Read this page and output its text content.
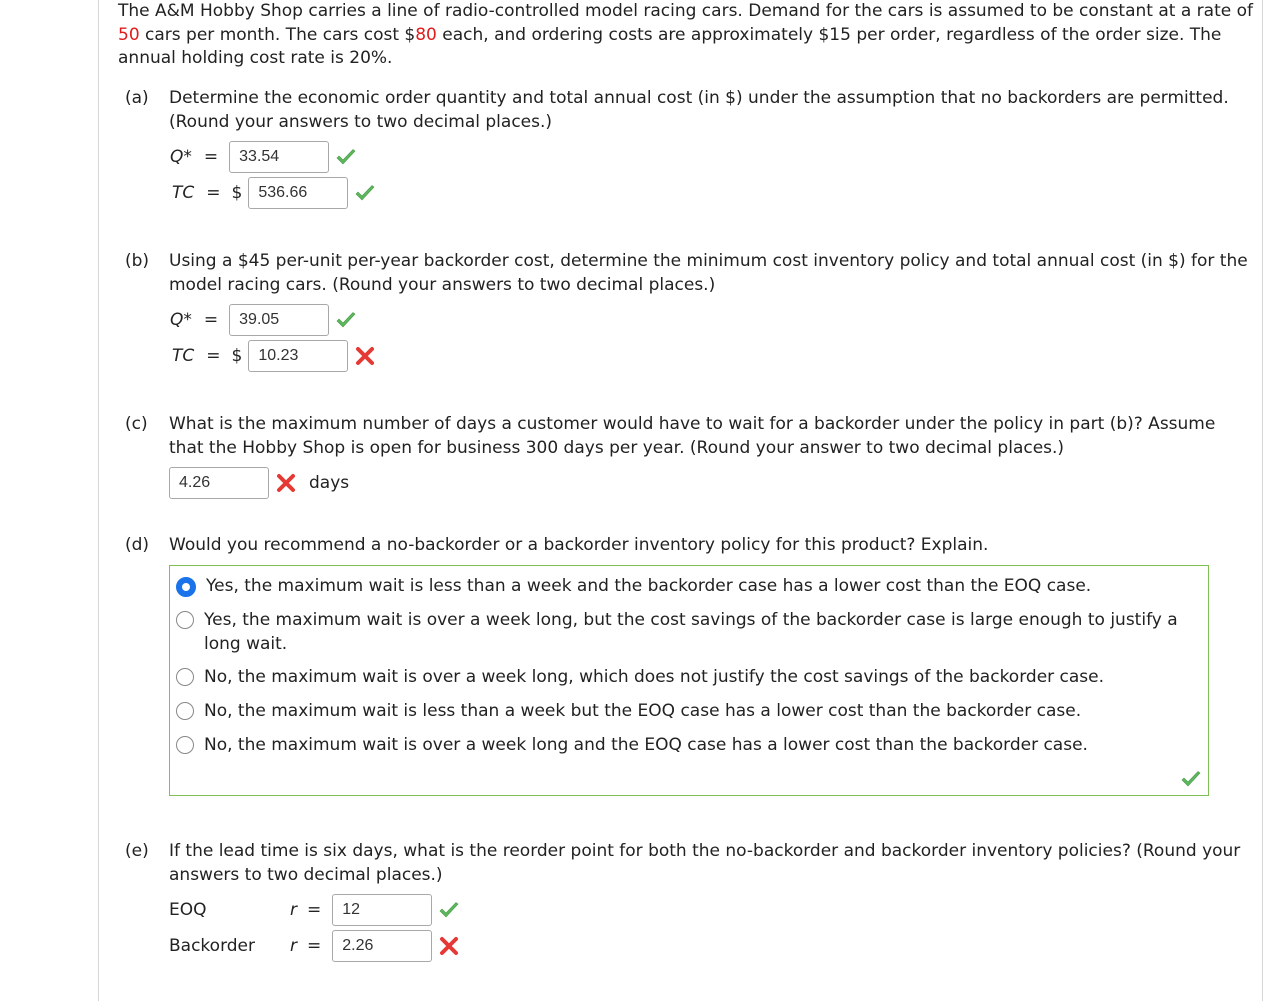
The A&M Hobby Shop carries a line of radio-controlled model racing cars. Demand for the cars is assumed to be constant at a rate of 50 cars per month. The cars cost $80 each, and ordering costs are approximately $15 per order, regardless of the order size. The annual holding cost rate is 20%.
(a)	Determine the economic order quantity and total annual cost (in $) under the assumption that no backorders are permitted. (Round your answers to two decimal places.)
Q* =	33.54
TC = $	536.66
(b)	Using a $45 per-unit per-year backorder cost, determine the minimum cost inventory policy and total annual cost (in $) for the model racing cars. (Round your answers to two decimal places.)
Q* =	39.05
TC = $	10.23
(c)	What is the maximum number of days a customer would have to wait for a backorder under the policy in part (b)? Assume that the Hobby Shop is open for business 300 days per year. (Round your answer to two decimal places.)
4.26	days
(d)	Would you recommend a no-backorder or a backorder inventory policy for this product? Explain.
Yes, the maximum wait is less than a week and the backorder case has a lower cost than the EOQ case.
Yes, the maximum wait is over a week long, but the cost savings of the backorder case is large enough to justify a long wait.
No, the maximum wait is over a week long, which does not justify the cost savings of the backorder case.
No, the maximum wait is less than a week but the EOQ case has a lower cost than the backorder case.
No, the maximum wait is over a week long and the EOQ case has a lower cost than the backorder case.
(e)	If the lead time is six days, what is the reorder point for both the no-backorder and backorder inventory policies? (Round your answers to two decimal places.)
EOQ	r =	12
Backorder	r =	2.26
